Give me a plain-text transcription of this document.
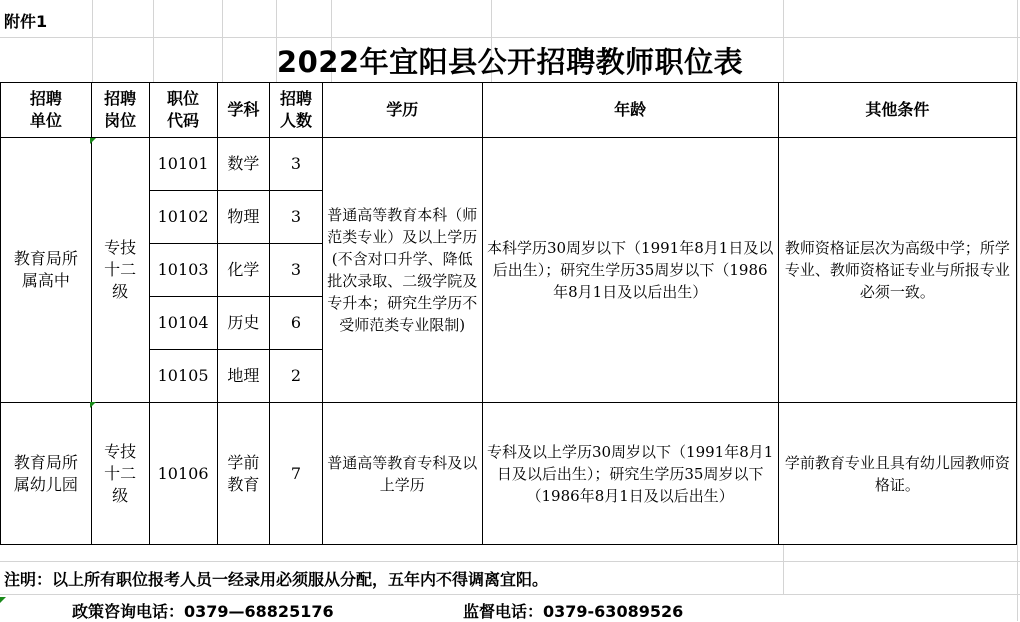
附件1
2022年宜阳县公开招聘教师职位表
招聘单位	招聘岗位	职位代码	学科	招聘人数	学历	年龄	其他条件

教育局所属高中	专技十二级	10101	数学	3	普通高等教育本科（师范类专业）及以上学历(不含对口升学、降低批次录取、二级学院及专升本；研究生学历不受师范类专业限制)	本科学历30周岁以下（1991年8月1日及以后出生）；研究生学历35周岁以下（1986年8月1日及以后出生）	教师资格证层次为高级中学；所学专业、教师资格证专业与所报专业必须一致。

		10102	物理	3			
		10103	化学	3			
		10104	历史	6			
		10105	地理	2			

教育局所属幼儿园	专技十二级	10106	学前教育	7	普通高等教育专科及以上学历	专科及以上学历30周岁以下（1991年8月1日及以后出生）；研究生学历35周岁以下（1986年8月1日及以后出生）	学前教育专业且具有幼儿园教师资格证。
注明：以上所有职位报考人员一经录用必须服从分配，五年内不得调离宜阳。
政策咨询电话：0379—68825176	监督电话：0379-63089526
